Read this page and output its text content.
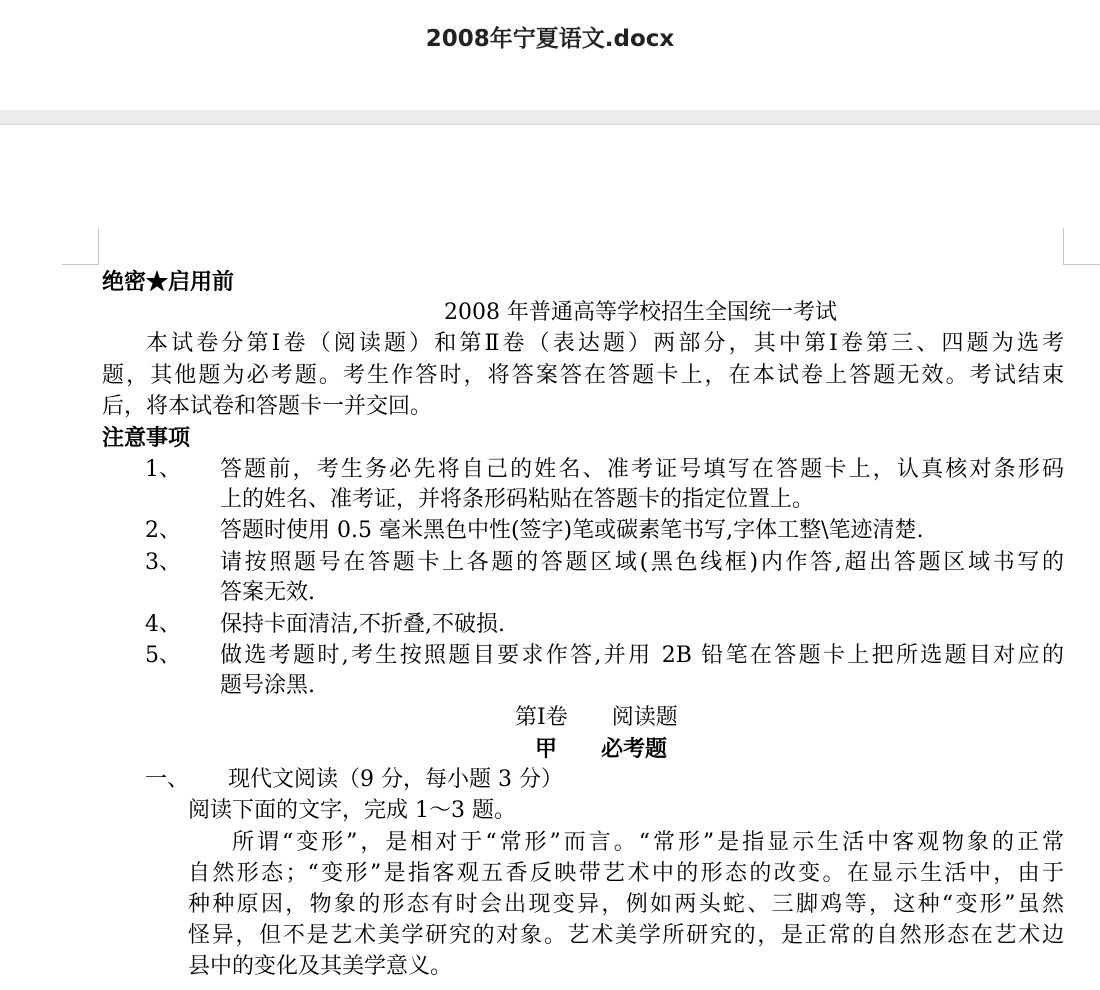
2008年宁夏语文.docx
绝密★启用前
2008 年普通高等学校招生全国统一考试
本试卷分第Ⅰ卷（阅读题）和第Ⅱ卷（表达题）两部分，其中第Ⅰ卷第三、四题为选考
题，其他题为必考题。考生作答时，将答案答在答题卡上，在本试卷上答题无效。考试结束
后，将本试卷和答题卡一并交回。
注意事项
1、 答题前，考生务必先将自己的姓名、准考证号填写在答题卡上，认真核对条形码
上的姓名、准考证，并将条形码粘贴在答题卡的指定位置上。
2、 答题时使用 0.5 毫米黑色中性(签字)笔或碳素笔书写,字体工整\笔迹清楚.
3、 请按照题号在答题卡上各题的答题区域(黑色线框)内作答,超出答题区域书写的
答案无效.
4、 保持卡面清洁,不折叠,不破损.
5、 做选考题时,考生按照题目要求作答,并用 2B 铅笔在答题卡上把所选题目对应的
题号涂黑.
第Ⅰ卷　　阅读题
甲　　必考题
一、 现代文阅读（9 分，每小题 3 分）
阅读下面的文字，完成 1～3 题。
所谓“变形”，是相对于“常形”而言。“常形”是指显示生活中客观物象的正常
自然形态；“变形”是指客观五香反映带艺术中的形态的改变。在显示生活中，由于
种种原因，物象的形态有时会出现变异，例如两头蛇、三脚鸡等，这种“变形”虽然
怪异，但不是艺术美学研究的对象。艺术美学所研究的，是正常的自然形态在艺术边
县中的变化及其美学意义。
